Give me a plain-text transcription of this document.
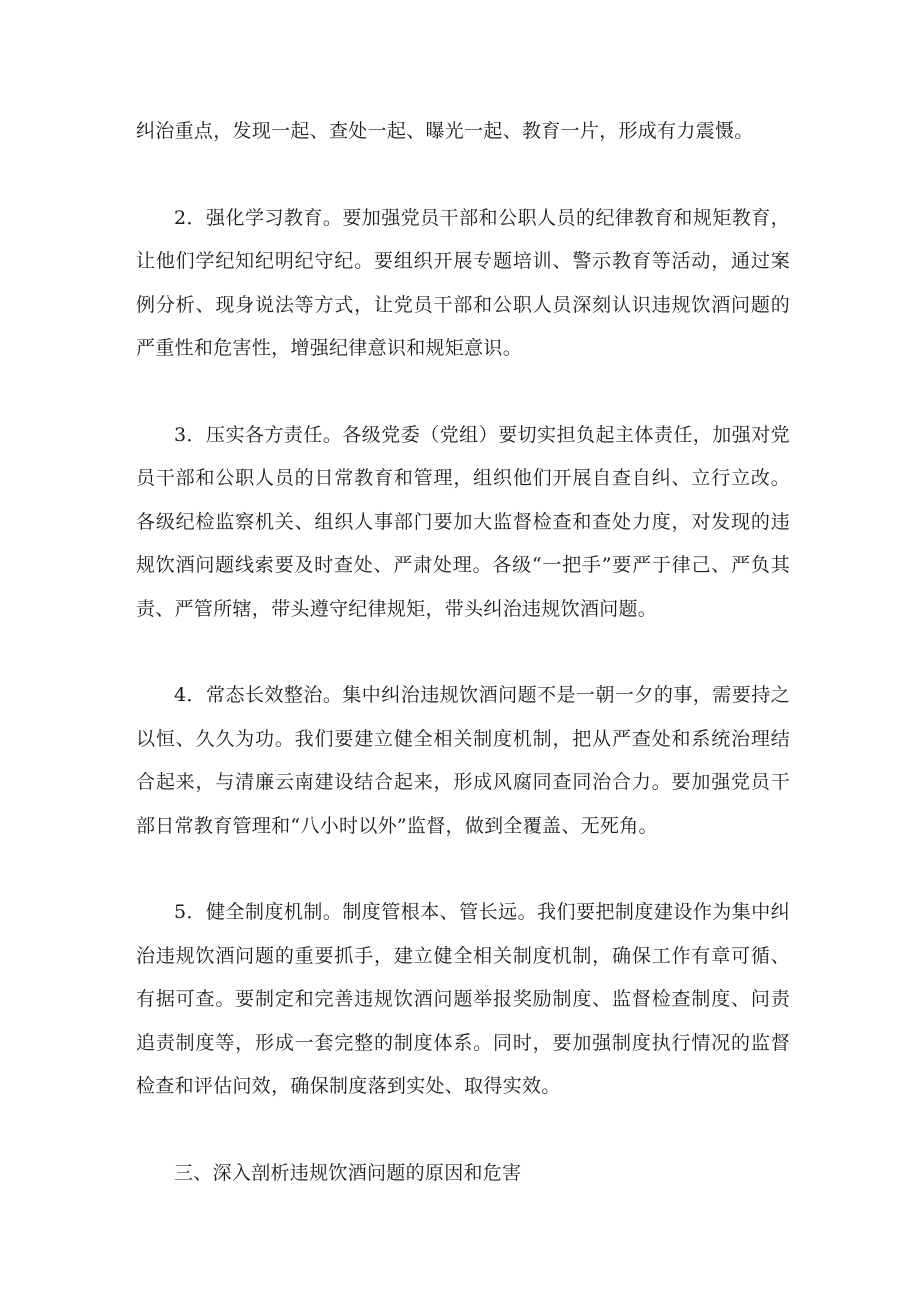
纠治重点，发现一起、查处一起、曝光一起、教育一片，形成有力震慑。

2．强化学习教育。要加强党员干部和公职人员的纪律教育和规矩教育，让他们学纪知纪明纪守纪。要组织开展专题培训、警示教育等活动，通过案例分析、现身说法等方式，让党员干部和公职人员深刻认识违规饮酒问题的严重性和危害性，增强纪律意识和规矩意识。

3．压实各方责任。各级党委（党组）要切实担负起主体责任，加强对党员干部和公职人员的日常教育和管理，组织他们开展自查自纠、立行立改。各级纪检监察机关、组织人事部门要加大监督检查和查处力度，对发现的违规饮酒问题线索要及时查处、严肃处理。各级“一把手”要严于律己、严负其责、严管所辖，带头遵守纪律规矩，带头纠治违规饮酒问题。

4．常态长效整治。集中纠治违规饮酒问题不是一朝一夕的事，需要持之以恒、久久为功。我们要建立健全相关制度机制，把从严查处和系统治理结合起来，与清廉云南建设结合起来，形成风腐同查同治合力。要加强党员干部日常教育管理和“八小时以外”监督，做到全覆盖、无死角。

5．健全制度机制。制度管根本、管长远。我们要把制度建设作为集中纠治违规饮酒问题的重要抓手，建立健全相关制度机制，确保工作有章可循、有据可查。要制定和完善违规饮酒问题举报奖励制度、监督检查制度、问责追责制度等，形成一套完整的制度体系。同时，要加强制度执行情况的监督检查和评估问效，确保制度落到实处、取得实效。

三、深入剖析违规饮酒问题的原因和危害
